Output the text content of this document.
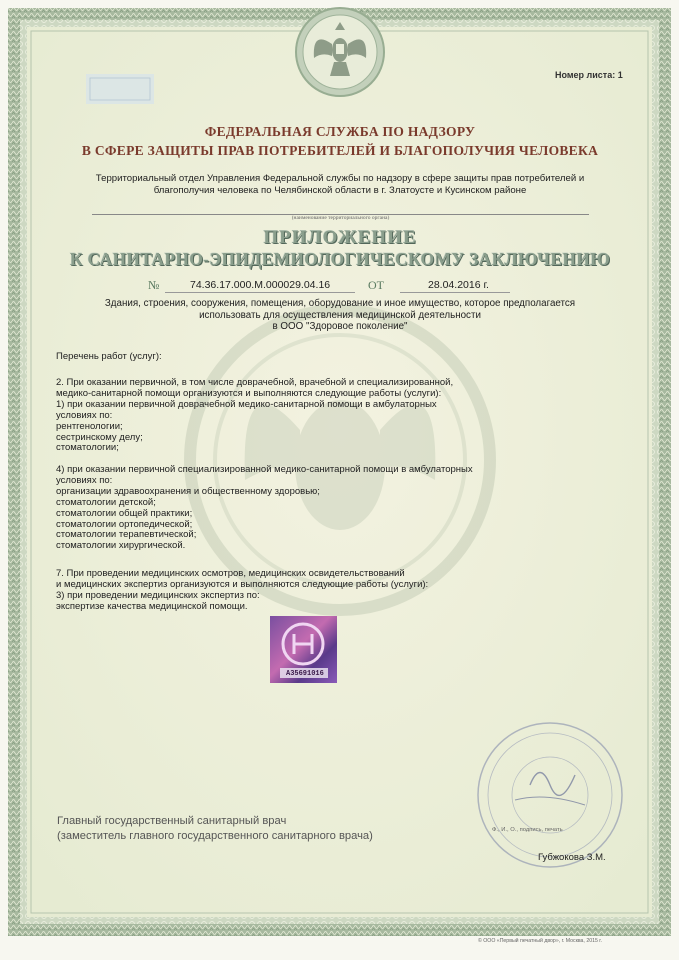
Номер листа: 1
ФЕДЕРАЛЬНАЯ СЛУЖБА ПО НАДЗОРУ
В СФЕРЕ ЗАЩИТЫ ПРАВ ПОТРЕБИТЕЛЕЙ И БЛАГОПОЛУЧИЯ ЧЕЛОВЕКА
Территориальный отдел Управления Федеральной службы по надзору в сфере защиты прав потребителей и
благополучия человека по Челябинской области в г. Златоусте и Кусинском районе
(наименование территориального органа)
ПРИЛОЖЕНИЕ
К САНИТАРНО-ЭПИДЕМИОЛОГИЧЕСКОМУ ЗАКЛЮЧЕНИЮ
№	74.36.17.000.М.000029.04.16	ОТ	28.04.2016 г.
Здания, строения, сооружения, помещения, оборудование и иное имущество, которое предполагается
использовать для осуществления медицинской деятельности
в ООО "Здоровое поколение"
Перечень работ (услуг):
2. При оказании первичной, в том числе доврачебной, врачебной и специализированной,
медико-санитарной помощи организуются и выполняются следующие работы (услуги):
1) при оказании первичной доврачебной медико-санитарной помощи в амбулаторных
условиях по:
рентгенологии;
сестринскому делу;
стоматологии;
4) при оказании первичной специализированной медико-санитарной помощи в амбулаторных
условиях по:
организации здравоохранения и общественному здоровью;
стоматологии детской;
стоматологии общей практики;
стоматологии ортопедической;
стоматологии терапевтической;
стоматологии хирургической.
7. При проведении медицинских осмотров, медицинских освидетельствований
и медицинских экспертиз организуются и выполняются следующие работы (услуги):
3) при проведении медицинских экспертиз по:
экспертизе качества медицинской помощи.
А35691016
Главный государственный санитарный врач
(заместитель главного государственного санитарного врача)	Ф., И., О., подпись, печать
Губжокова З.М.
© ООО «Первый печатный двор», г. Москва, 2015 г.
